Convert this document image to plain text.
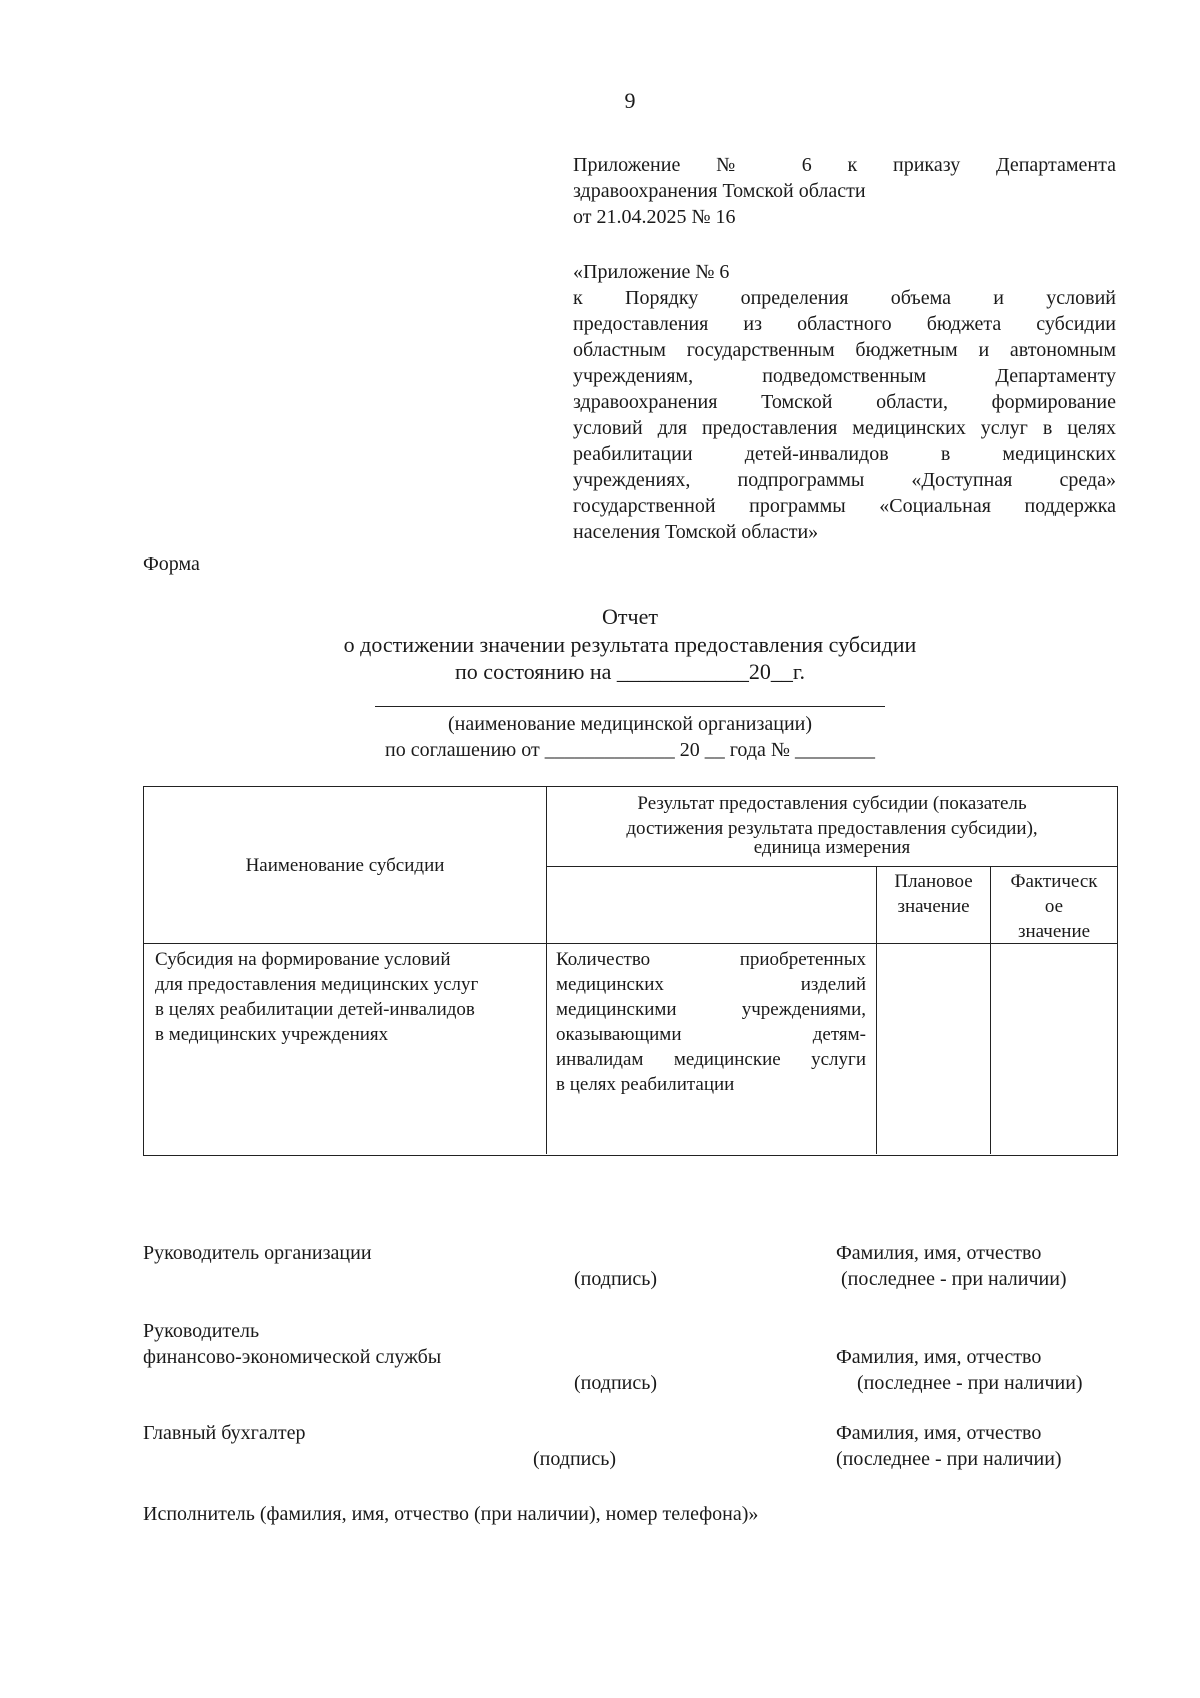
9
Приложение № 6 к приказу Департамента
здравоохранения Томской области
от 21.04.2025 № 16
«Приложение № 6
к Порядку определения объема и условий
предоставления из областного бюджета субсидии
областным государственным бюджетным и автономным
учреждениям, подведомственным Департаменту
здравоохранения Томской области, формирование
условий для предоставления медицинских услуг в целях
реабилитации детей-инвалидов в медицинских
учреждениях, подпрограммы «Доступная среда»
государственной программы «Социальная поддержка
населения Томской области»
Форма
Отчет
о достижении значении результата предоставления субсидии
по состоянию на ____________20__г.
(наименование медицинской организации)
по соглашению от _____________ 20 __ года № ________
Наименование субсидии
Результат предоставления субсидии (показатель
достижения результата предоставления субсидии),
единица измерения
Плановое
значение
Фактическ
ое
значение
Субсидия на формирование условий
для предоставления медицинских услуг
в целях реабилитации детей-инвалидов
в медицинских учреждениях
Количество приобретенных
медицинских изделий
медицинскими учреждениями,
оказывающими детям-
инвалидам медицинские услуги
в целях реабилитации
Руководитель организации
(подпись)
Фамилия, имя, отчество
(последнее - при наличии)
Руководитель
финансово-экономической службы
(подпись)
Фамилия, имя, отчество
(последнее - при наличии)
Главный бухгалтер
(подпись)
Фамилия, имя, отчество
(последнее - при наличии)
Исполнитель (фамилия, имя, отчество (при наличии), номер телефона)»
